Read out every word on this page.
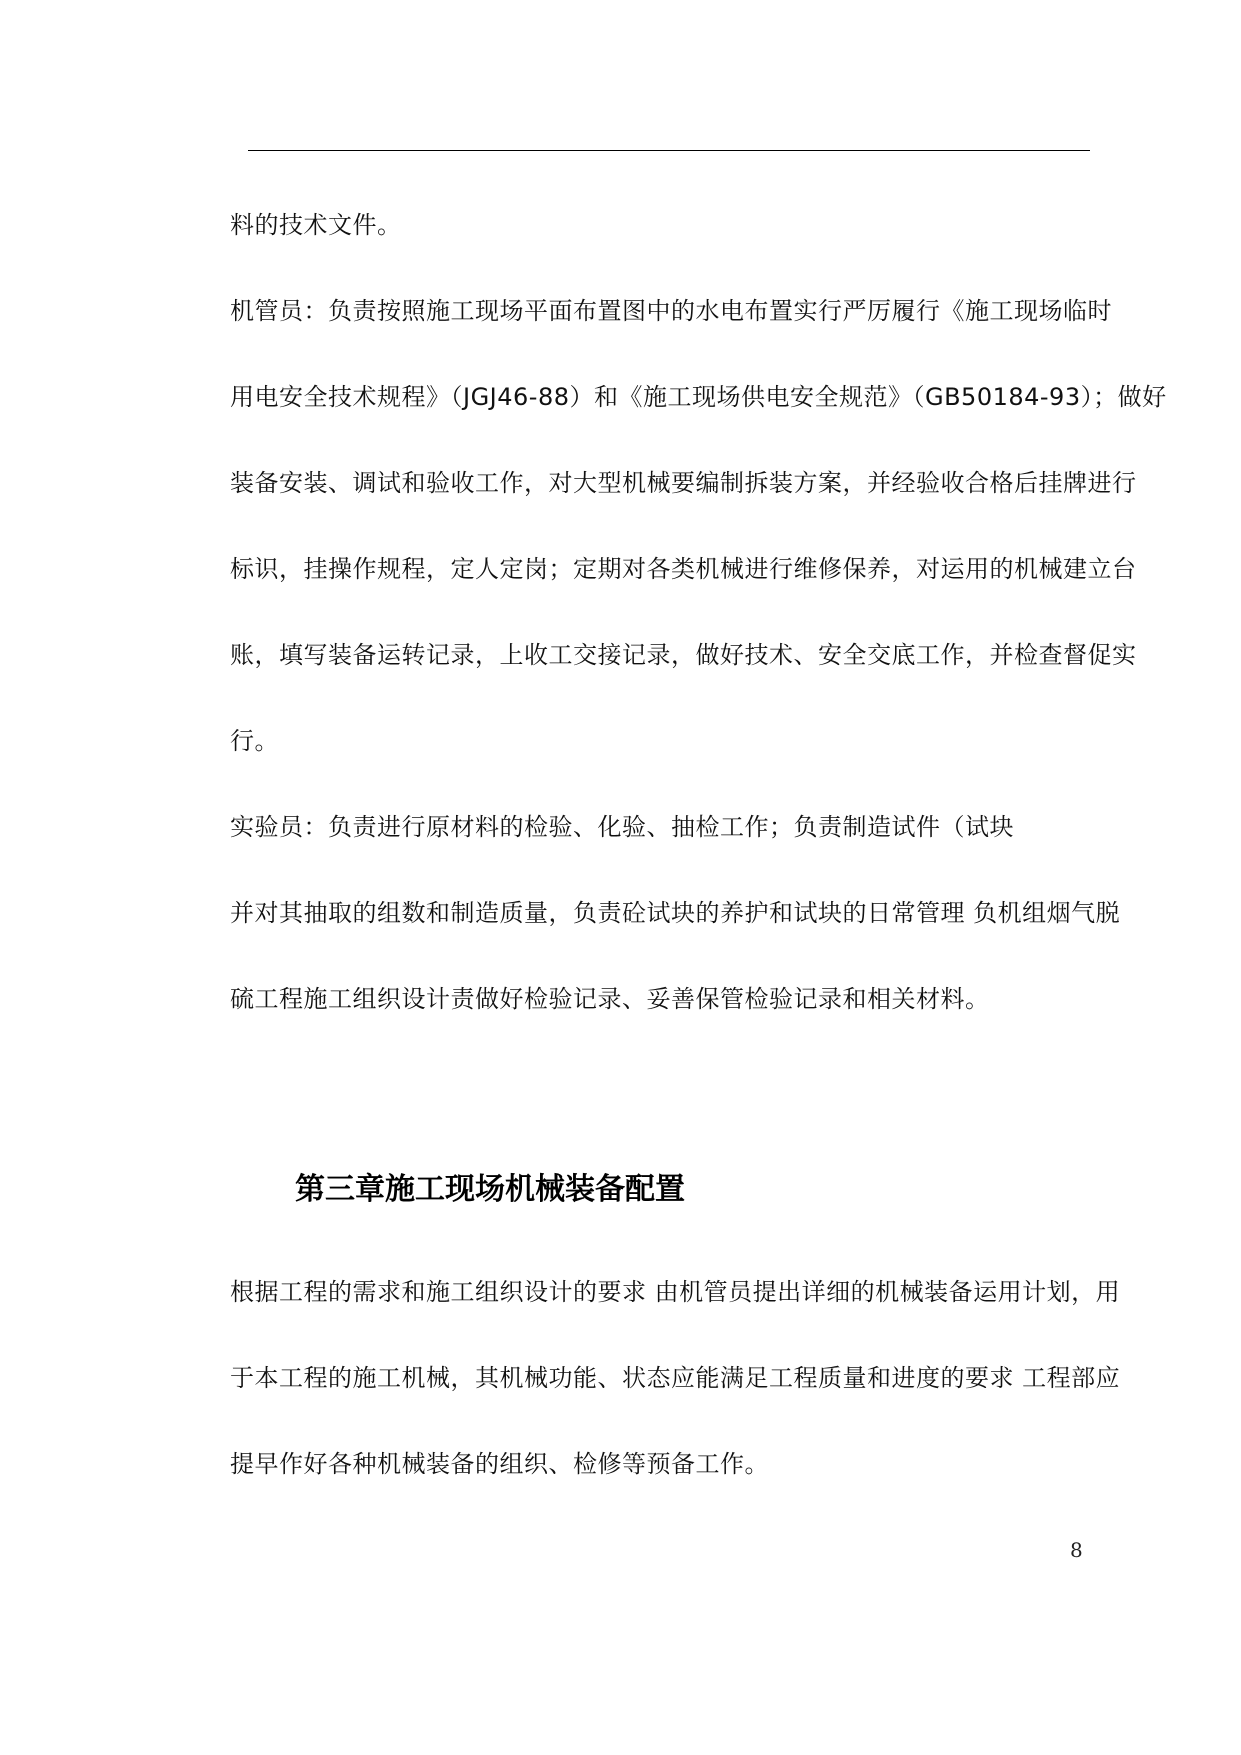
料的技术文件。
机管员：负责按照施工现场平面布置图中的水电布置实行严厉履行《施工现场临时
用电安全技术规程》（JGJ46-88）和《施工现场供电安全规范》（GB50184-93）；做好
装备安装、调试和验收工作，对大型机械要编制拆装方案，并经验收合格后挂牌进行
标识，挂操作规程，定人定岗；定期对各类机械进行维修保养，对运用的机械建立台
账，填写装备运转记录，上收工交接记录，做好技术、安全交底工作，并检查督促实
行。
实验员：负责进行原材料的检验、化验、抽检工作；负责制造试件（试块
并对其抽取的组数和制造质量，负责砼试块的养护和试块的日常管理 负机组烟气脱
硫工程施工组织设计责做好检验记录、妥善保管检验记录和相关材料。
第三章施工现场机械装备配置
根据工程的需求和施工组织设计的要求 由机管员提出详细的机械装备运用计划，用
于本工程的施工机械，其机械功能、状态应能满足工程质量和进度的要求 工程部应
提早作好各种机械装备的组织、检修等预备工作。
8
